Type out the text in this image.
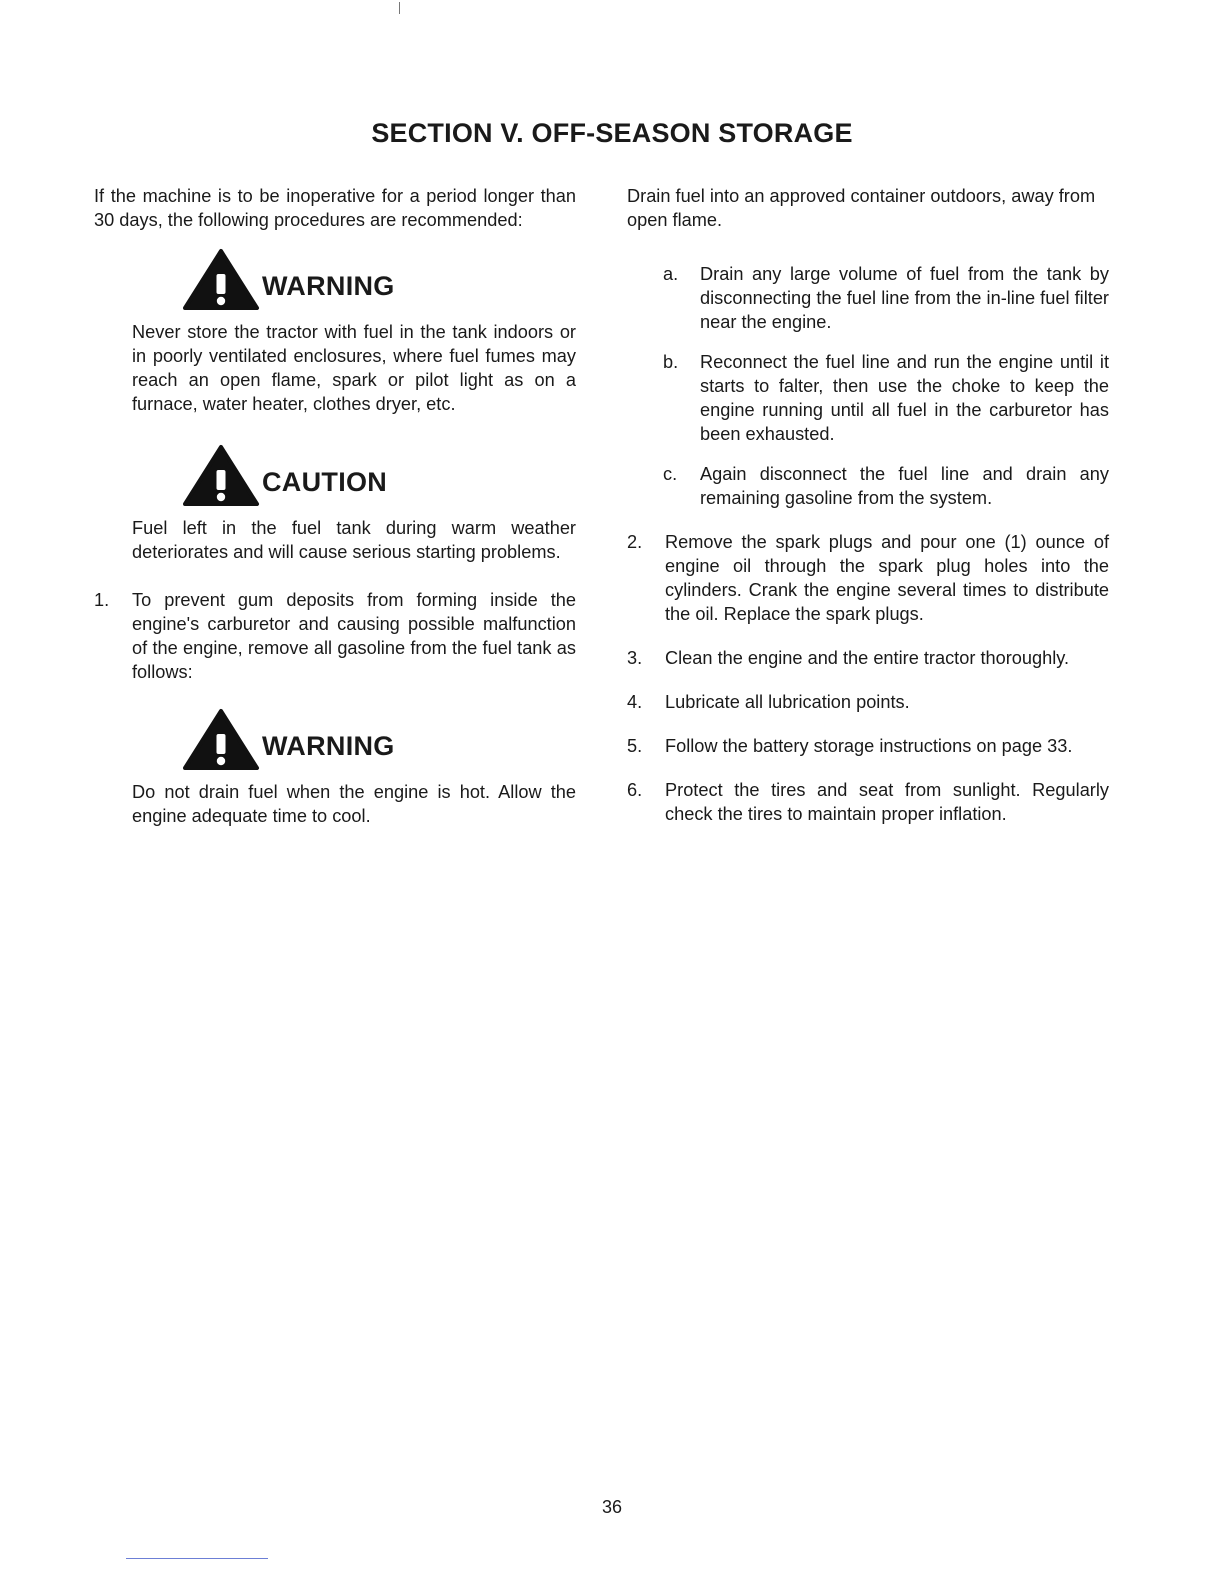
SECTION V. OFF-SEASON STORAGE

If the machine is to be inoperative for a period longer than 30 days, the following procedures are recommended:

WARNING

Never store the tractor with fuel in the tank indoors or in poorly ventilated enclosures, where fuel fumes may reach an open flame, spark or pilot light as on a furnace, water heater, clothes dryer, etc.

CAUTION

Fuel left in the fuel tank during warm weather deteriorates and will cause serious starting problems.

1.	To prevent gum deposits from forming inside the engine's carburetor and causing possible malfunction of the engine, remove all gasoline from the fuel tank as follows:
WARNING

Do not drain fuel when the engine is hot. Allow the engine adequate time to cool.

Drain fuel into an approved container outdoors, away from open flame.

a.	Drain any large volume of fuel from the tank by disconnecting the fuel line from the in-line fuel filter near the engine.
b.	Reconnect the fuel line and run the engine until it starts to falter, then use the choke to keep the engine running until all fuel in the carburetor has been exhausted.
c.	Again disconnect the fuel line and drain any remaining gasoline from the system.
2.	Remove the spark plugs and pour one (1) ounce of engine oil through the spark plug holes into the cylinders. Crank the engine several times to distribute the oil. Replace the spark plugs.
3.	Clean the engine and the entire tractor thoroughly.
4.	Lubricate all lubrication points.
5.	Follow the battery storage instructions on page 33.
6.	Protect the tires and seat from sunlight. Regularly check the tires to maintain proper inflation.
36
